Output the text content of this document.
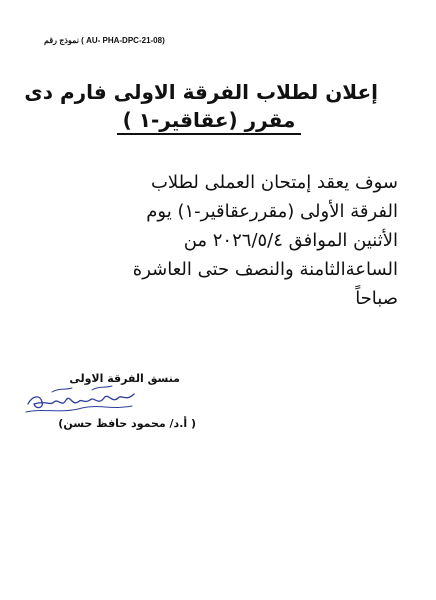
(AU- PHA-DPC-21-08 ) نموذج رقم
إعلان لطلاب الفرقة الاولى فارم دى
مقرر (عقاقير-١ )

سوف يعقد إمتحان العملى لطلاب

الفرقة الأولى (مقررعقاقير-١) يوم

الأثنين الموافق ٢٠٢٦/٥/٤ من

الساعةالثامنة والنصف حتى العاشرة

صباحاً

منسق الفرقة الاولى
( أ.د/ محمود حافظ حسن)
